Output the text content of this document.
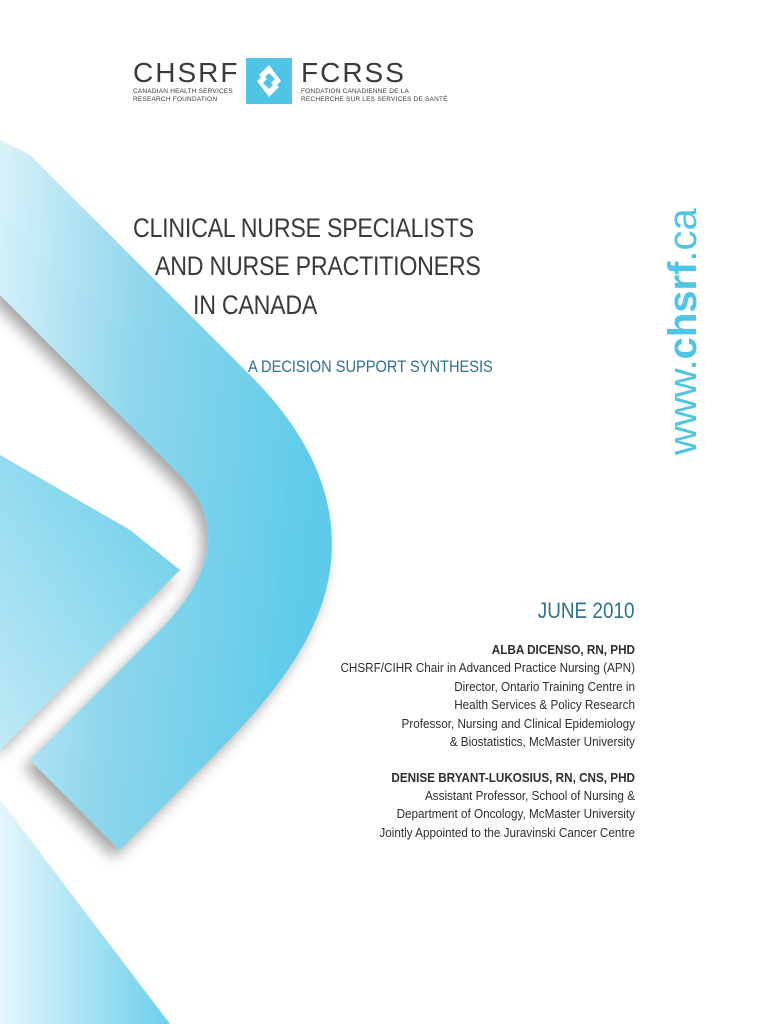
CHSRF
CANADIAN HEALTH SERVICES
RESEARCH FOUNDATION
FCRSS
FONDATION CANADIENNE DE LA
RECHERCHE SUR LES SERVICES DE SANTÉ
CLINICAL NURSE SPECIALISTS
AND NURSE PRACTITIONERS
IN CANADA
A DECISION SUPPORT SYNTHESIS	www.chsrf.ca
JUNE 2010
ALBA DICENSO, RN, PHD
CHSRF/CIHR Chair in Advanced Practice Nursing (APN)
Director, Ontario Training Centre in
Health Services & Policy Research
Professor, Nursing and Clinical Epidemiology
& Biostatistics, McMaster University
DENISE BRYANT-LUKOSIUS, RN, CNS, PHD
Assistant Professor, School of Nursing &
Department of Oncology, McMaster University
Jointly Appointed to the Juravinski Cancer Centre
